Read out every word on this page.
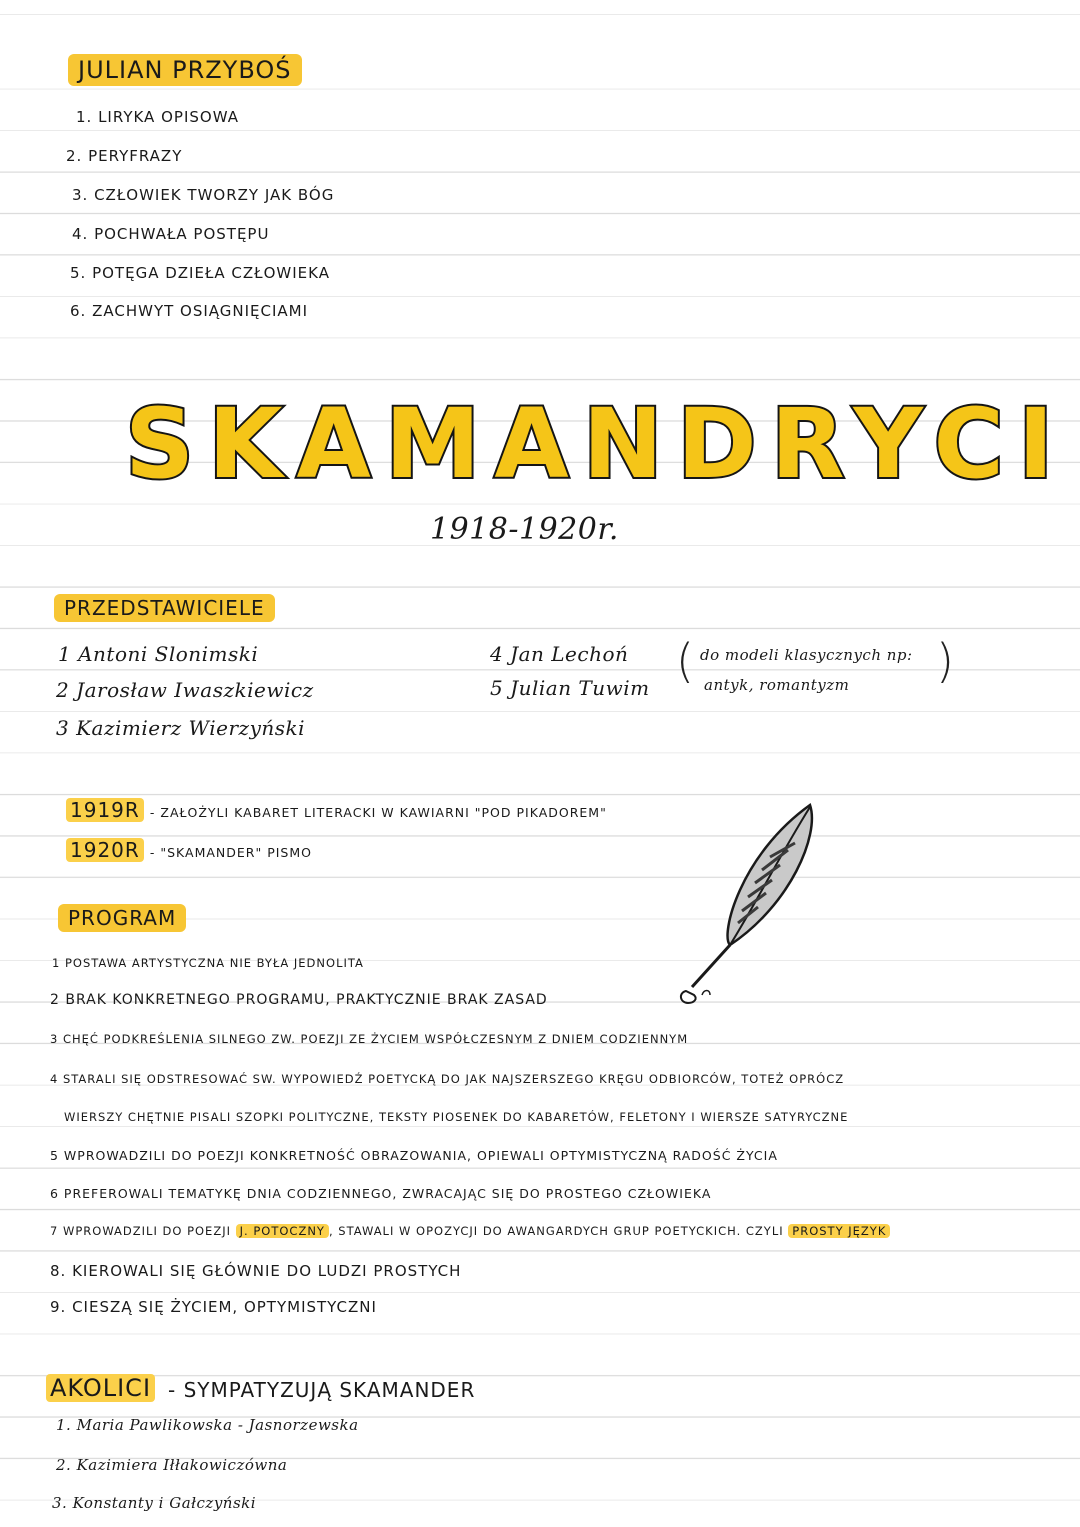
JULIAN PRZYBOŚ
1. LIRYKA OPISOWA
2. PERYFRAZY
3. CZŁOWIEK TWORZY JAK BÓG
4. POCHWAŁA POSTĘPU
5. POTĘGA DZIEŁA CZŁOWIEKA
6. ZACHWYT OSIĄGNIĘCIAMI
SKAMANDRYCI
1918-1920r.
PRZEDSTAWICIELE
1 Antoni Slonimski
2 Jarosław Iwaszkiewicz
3 Kazimierz Wierzyński
4 Jan Lechoń
5 Julian Tuwim ( do modeli klasycznych np:
antyk, romantyzm )
1919R - ZAŁOŻYLI KABARET LITERACKI W KAWIARNI "POD PIKADOREM"
1920R - "SKAMANDER" PISMO
PROGRAM
1 POSTAWA ARTYSTYCZNA NIE BYŁA JEDNOLITA
2 BRAK KONKRETNEGO PROGRAMU, PRAKTYCZNIE BRAK ZASAD
3 CHĘĆ PODKREŚLENIA SILNEGO ZW. POEZJI ZE ŻYCIEM WSPÓŁCZESNYM Z DNIEM CODZIENNYM
4 STARALI SIĘ ODSTRESOWAĆ SW. WYPOWIEDŹ POETYCKĄ DO JAK NAJSZERSZEGO KRĘGU ODBIORCÓW, TOTEŻ OPRÓCZ
WIERSZY CHĘTNIE PISALI SZOPKI POLITYCZNE, TEKSTY PIOSENEK DO KABARETÓW, FELETONY I WIERSZE SATYRYCZNE
5 WPROWADZILI DO POEZJI KONKRETNOŚĆ OBRAZOWANIA, OPIEWALI OPTYMISTYCZNĄ RADOŚĆ ŻYCIA
6 PREFEROWALI TEMATYKĘ DNIA CODZIENNEGO, ZWRACAJĄC SIĘ DO PROSTEGO CZŁOWIEKA
7 WPROWADZILI DO POEZJI J. POTOCZNY , STAWALI W OPOZYCJI DO AWANGARDYCH GRUP POETYCKICH. CZYLI PROSTY JĘZYK
8. KIEROWALI SIĘ GŁÓWNIE DO LUDZI PROSTYCH
9. CIESZĄ SIĘ ŻYCIEM, OPTYMISTYCZNI
AKOLICI - SYMPATYZUJĄ SKAMANDER
1. Maria Pawlikowska - Jasnorzewska
2. Kazimiera Iłłakowiczówna
3. Konstanty i Gałczyński
